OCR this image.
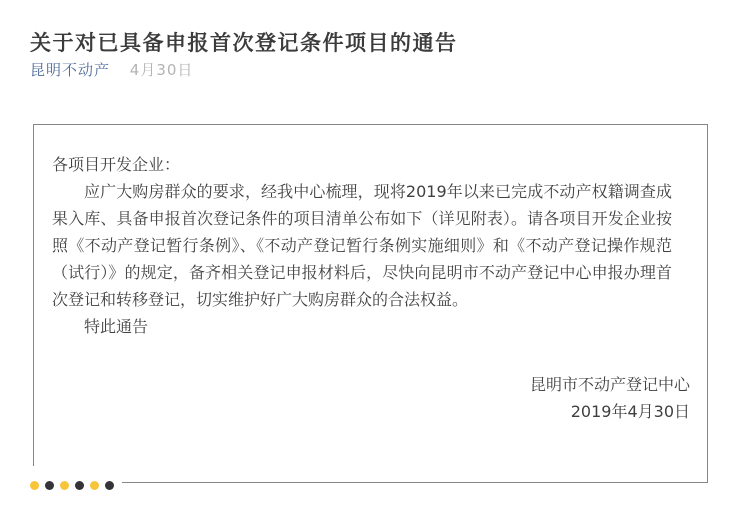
关于对已具备申报首次登记条件项目的通告
昆明不动产 4月30日

各项目开发企业：

应广大购房群众的要求，经我中心梳理，现将2019年以来已完成不动产权籍调查成果入库、具备申报首次登记条件的项目清单公布如下（详见附表）。请各项目开发企业按照《不动产登记暂行条例》、《不动产登记暂行条例实施细则》和《不动产登记操作规范（试行）》的规定，备齐相关登记申报材料后，尽快向昆明市不动产登记中心申报办理首次登记和转移登记，切实维护好广大购房群众的合法权益。

特此通告

昆明市不动产登记中心

2019年4月30日
